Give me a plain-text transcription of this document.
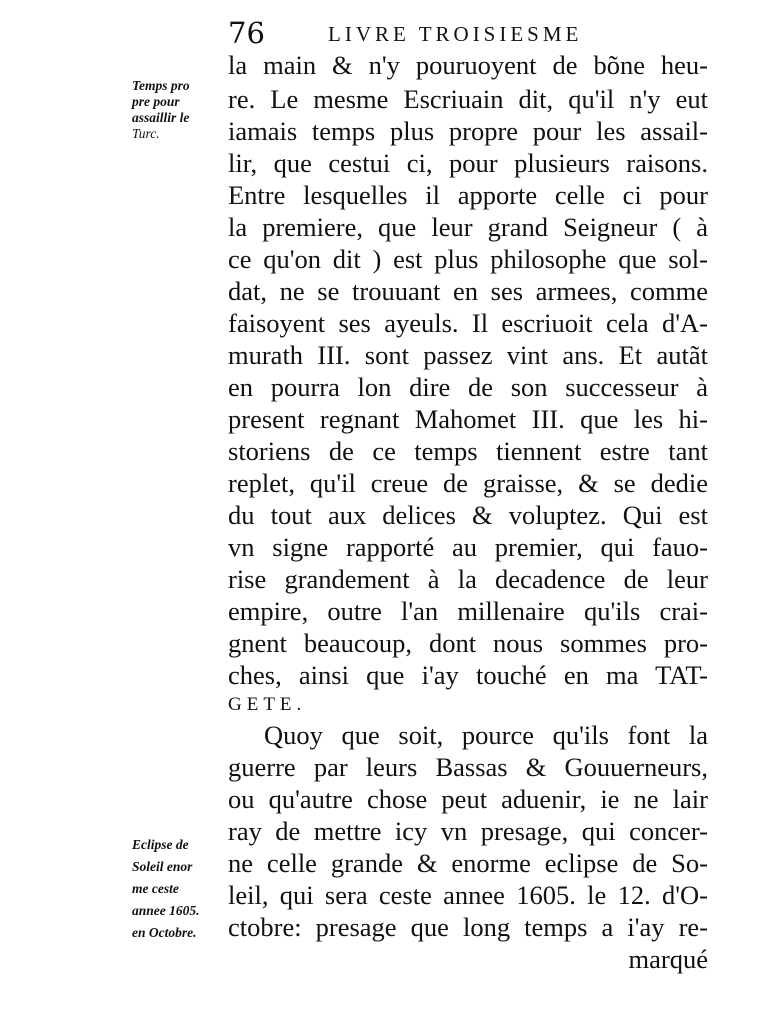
76	LIVRE TROISIESME
Temps pro
pre pour
assaillir le
Turc.
Eclipse de
Soleil enor
me ceste
annee 1605.
en Octobre.
la main & n'y pouruoyent de bõne heu-
re. Le mesme Escriuain dit, qu'il n'y eut
iamais temps plus propre pour les assail-
lir, que cestui ci, pour plusieurs raisons.
Entre lesquelles il apporte celle ci pour
la premiere, que leur grand Seigneur ( à
ce qu'on dit ) est plus philosophe que sol-
dat, ne se trouuant en ses armees, comme
faisoyent ses ayeuls. Il escriuoit cela d'A-
murath III. sont passez vint ans. Et autãt
en pourra lon dire de son successeur à
present regnant Mahomet III. que les hi-
storiens de ce temps tiennent estre tant
replet, qu'il creue de graisse, & se dedie
du tout aux delices & voluptez. Qui est
vn signe rapporté au premier, qui fauo-
rise grandement à la decadence de leur
empire, outre l'an millenaire qu'ils crai-
gnent beaucoup, dont nous sommes pro-
ches, ainsi que i'ay touché en ma TAT-
GETE.
Quoy que soit, pource qu'ils font la
guerre par leurs Bassas & Gouuerneurs,
ou qu'autre chose peut aduenir, ie ne lair
ray de mettre icy vn presage, qui concer-
ne celle grande & enorme eclipse de So-
leil, qui sera ceste annee 1605. le 12. d'O-
ctobre: presage que long temps a i'ay re-
marqué
